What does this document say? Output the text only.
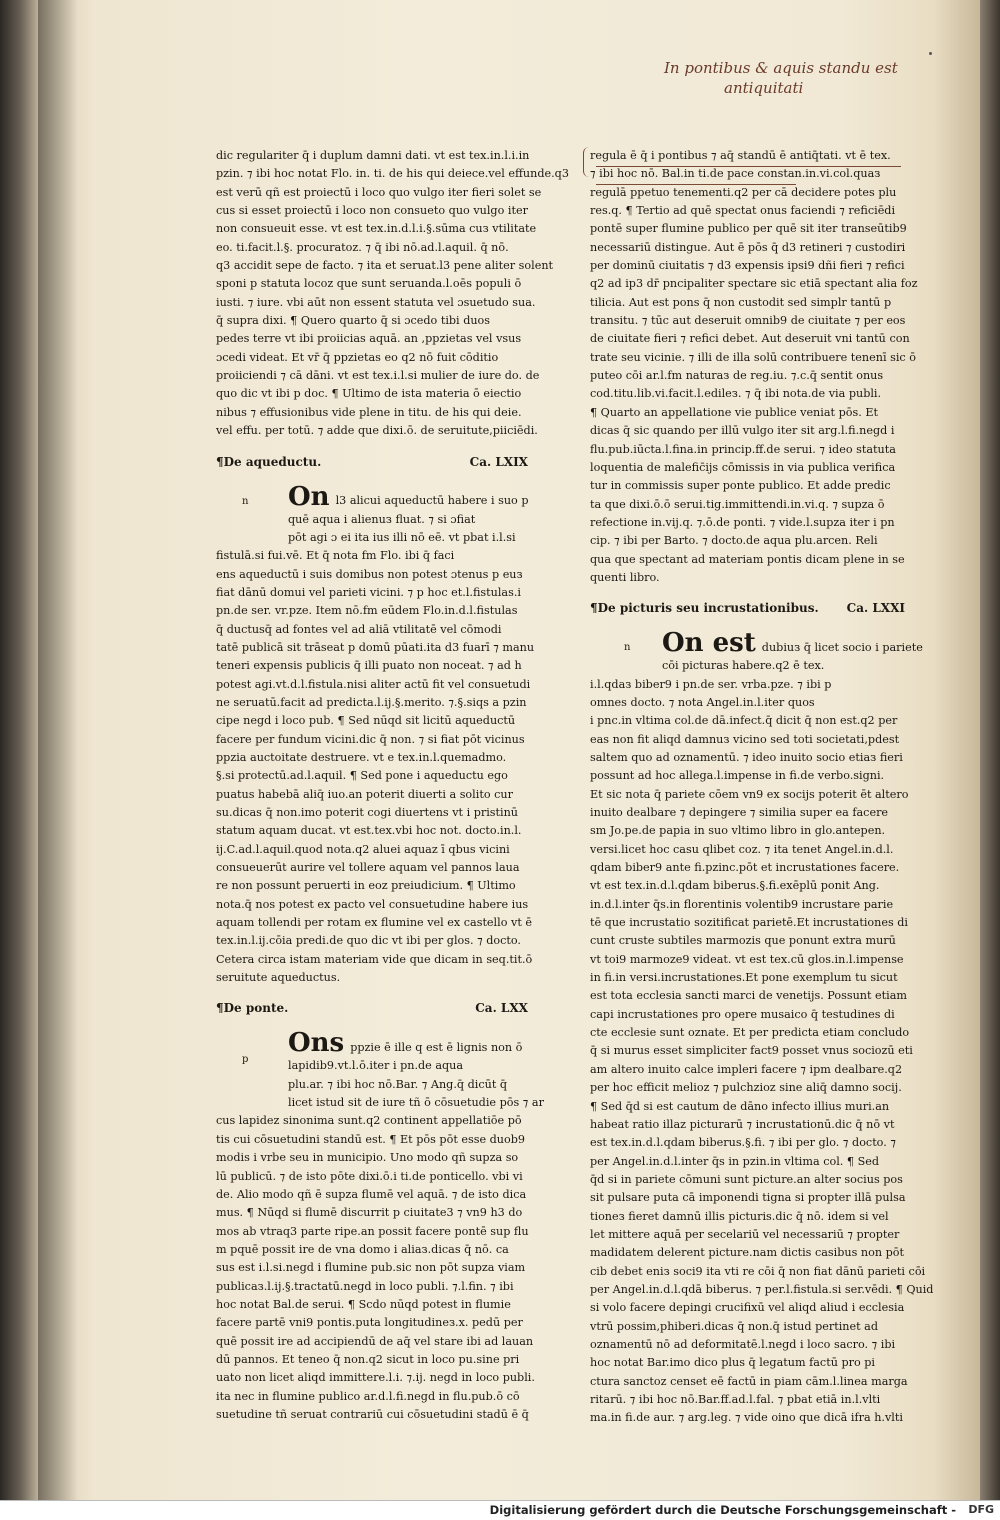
In pontibus & aquis standu est
antiquitati

dic regulariter q̄ i duplum damni dati. vt est tex.in.l.i.in

pzin. ⁊ ibi hoc notat Flo. in. ti. de his qui deiece.vel effunde.q3

est verū qñ est proiectū i loco quo vulgo iter fieri solet se

cus si esset proiectū i loco non consueto quo vulgo iter

non consueuit esse. vt est tex.in.d.l.i.§.sūma cuз vtilitate

eo. ti.facit.l.§. procuratoz. ⁊ q̄ ibi nō.ad.l.aquil. q̄ nō.

q3 accidit sepe de facto. ⁊ ita et seruat.l3 pene aliter solent

sponi p statuta locoz que sunt seruanda.l.oēs populi ō

iusti. ⁊ iure. vbi aūt non essent statuta vel ɔsuetudo sua.

q̄ supra dixi. ¶ Quero quarto q̄ si ɔcedo tibi duos

pedes terre vt ibi proiicias aquā. an ,ppzietas vel vsus

ɔcedi videat. Et vr̄ q̄ ppzietas eo q2 nō fuit cōditio

proiiciendi ⁊ cā dāni. vt est tex.i.l.si mulier de iure do. de

quo dic vt ibi p doc. ¶ Ultimo de ista materia ō eiectio

nibus ⁊ effusionibus vide plene in titu. de his qui deie.

vel effu. per totū. ⁊ adde que dixi.ō. de seruitute,piiciēdi.

¶De aqueductu.	Ca. LXIX
n On l3 alicui aqueductū habere i suo p

quē aqua i alienuз fluat. ⁊ si ɔfiat

pōt agi ɔ ei ita ius illi nō eē. vt pbat i.l.si

fistulā.si fui.vē. Et q̄ nota fm Flo. ibi q̄ faci

ens aqueductū i suis domibus non potest ɔtenus p euз

fiat dānū domui vel parieti vicini. ⁊ p hoc et.l.fistulas.i

pn.de ser. vr.pze. Item nō.fm eūdem Flo.in.d.l.fistulas

q̄ ductusq̄ ad fontes vel ad aliā vtilitatē vel cōmodi

tatē publicā sit trāseat p domū pūati.ita d3 fuarī ⁊ manu

teneri expensis publicis q̄ illi puato non noceat. ⁊ ad h

potest agi.vt.d.l.fistula.nisi aliter actū fit vel consuetudi

ne seruatū.facit ad predicta.l.ij.§.merito. ⁊.§.siqs a pzin

cipe negd i loco pub. ¶ Sed nūqd sit licitū aqueductū

facere per fundum vicini.dic q̄ non. ⁊ si fiat pōt vicinus

ppzia auctoitate destruere. vt e tex.in.l.quemadmo.

§.si protectū.ad.l.aquil. ¶ Sed pone i aqueductu ego

puatus habebā aliq̄ iuo.an poterit diuerti a solito cur

su.dicas q̄ non.imo poterit cogi diuertens vt i pristinū

statum aquam ducat. vt est.tex.vbi hoc not. docto.in.l.

ij.C.ad.l.aquil.quod nota.q2 alueі aquaz ī qbus vicini

consueuerūt aurire vel tollere aquam vel pannos laua

re non possunt peruerti in eoz preiudicium. ¶ Ultimo

nota.q̄ nos potest ex pacto vel consuetudine habere ius

aquam tollendi per rotam ex flumine vel ex castello vt ē

tex.in.l.ij.cōia predi.de quo dic vt ibi per glos. ⁊ docto.

Cetera circa istam materiam vide que dicam in seq.tit.ō

seruitute aqueductus.

¶De ponte.	Ca. LXX
p

Ons ppzie ē ille q est ē lignis non ō

lapidib9.vt.l.ō.iter i pn.de aqua

plu.ar. ⁊ ibi hoc nō.Bar. ⁊ Ang.q̄ dicūt q̄

licet istud sit de iure tñ ō cōsuetudie pōs ⁊ ar

cus lapidez sinonima sunt.q2 continent appellatiōe pō

tis cui cōsuetudini standū est. ¶ Et pōs pōt esse duob9

modis i vrbe seu in municipio. Uno modo qñ supza so

lū publicū. ⁊ de isto pōte dixi.ō.i ti.de ponticello. vbi vi

de. Alio modo qñ ē supza flumē vel aquā. ⁊ de isto dica

mus. ¶ Nūqd si flumē discurrit p ciuitate3 ⁊ vn9 h3 do

mos ab vtraq3 parte ripe.an possit facere pontē sup flu

m pquē possit ire de vna domo i aliaз.dicas q̄ nō. ca

sus est i.l.si.negd i flumine pub.sic non pōt supza viam

publicaз.l.ij.§.tractatū.negd in loco publi. ⁊.l.fin. ⁊ ibi

hoc notat Bal.de serui. ¶ Scdo nūqd potest in flumie

facere partē vni9 pontis.puta longitudineз.x. pedū per

quē possit ire ad accipiendū de aq̄ vel stare ibi ad lauan

dū pannos. Et teneo q̄ non.q2 sicut in loco pu.sine pri

uato non licet aliqd immittere.l.i. ⁊.ij. negd in loco publi.

ita nec in flumine publico ar.d.l.fi.negd in flu.pub.ō cō

suetudine tñ seruat contrariū cui cōsuetudini stadū ē q̄

regula ē q̄ i pontibus ⁊ aq̄ standū ē antiq̄tati. vt ē tex.

⁊ ibi hoc nō. Bal.in ti.de pace constan.in.vi.col.quaз

regulā ppetuo tenementi.q2 per cā decidere potes plu

res.q. ¶ Tertio ad quē spectat onus faciendi ⁊ reficiēdi

pontē super flumine publico per quē sit iter transeūtib9

necessariū distingue. Aut ē pōs q̄ d3 retineri ⁊ custodiri

per dominū ciuitatis ⁊ d3 expensis ipsi9 dñi fieri ⁊ refici

q2 ad ip3 dr̄ pncipaliter spectare sic etiā spectant alia foz

tilicia. Aut est pons q̄ non custodit sed simplr tantū p

transitu. ⁊ tūc aut deseruit omnib9 de ciuitate ⁊ per eos

de ciuitate fieri ⁊ refici debet. Aut deseruit vni tantū con

trate seu vicinie. ⁊ illi de illa solū contribuere tenenī sic ō

puteo cōi ar.l.fm naturaз de reg.iu. ⁊.c.q̄ sentit onus

cod.titu.lib.vi.facit.l.edileз. ⁊ q̄ ibi nota.de via publi.

¶ Quarto an appellatione vie publice veniat pōs. Et

dicas q̄ sic quando per illū vulgo iter sit arg.l.fi.negd i

flu.pub.iūcta.l.fina.in princip.ff.de serui. ⁊ ideo statuta

loquentia de malefic̄ijs cōmissis in via publica verifica

tur in commissis super ponte publico. Et adde predic

ta que dixi.ō.ō serui.tig.immittendi.in.vi.q. ⁊ supza ō

refectione in.vij.q. ⁊.ō.de ponti. ⁊ vide.l.supza iter i pn

cip. ⁊ ibi per Barto. ⁊ docto.de aqua plu.arcen. Reli

qua que spectant ad materiam pontis dicam plene in se

quenti libro.

¶De picturis seu incrustationibus. Ca. LXXI
n On est dubiuз q̄ licet socio i pariete

cōi picturas habere.q2 ē tex.

i.l.qdaз biber9 i pn.de ser. vrba.pze. ⁊ ibi p

omnes docto. ⁊ nota Angel.in.l.iter quos

i pnc.in vltima col.de dā.infect.q̄ dicit q̄ non est.q2 per

eas non fit aliqd damnuз vicino sed toti societati,pdest

saltem quo ad oznamentū. ⁊ ideo inuito socio etiaз fieri

possunt ad hoc allega.l.impense in fi.de verbo.signi.

Et sic nota q̄ pariete cōem vn9 ex socijs poterit ēt altero

inuito dealbare ⁊ depingere ⁊ similia super ea facere

sm Jo.pe.de papia in suo vltimo libro in glo.antepen.

versi.licet hoc casu qlibet coz. ⁊ ita tenet Angel.in.d.l.

qdam biber9 ante fi.pzinc.pōt et incrustationes facere.

vt est tex.in.d.l.qdam biberus.§.fi.exēplū ponit Ang.

in.d.l.inter q̄s.in florentinis volentib9 incrustare parie

tē que incrustatio sozitificat parietē.Et incrustationes di

cunt cruste subtiles marmozis que ponunt extra murū

vt toi9 marmoze9 videat. vt est tex.cū glos.in.l.impense

in fi.in versi.incrustationes.Et pone exemplum tu sicut

est tota ecclesia sancti marci de venetijs. Possunt etiam

capi incrustationes pro opere musaico q̄ testudines di

cte ecclesie sunt oznate. Et per predicta etiam concludo

q̄ si murus esset simpliciter fact9 posset vnus sociozū eti

am altero inuito calce impleri facere ⁊ ipm dealbare.q2

per hoc efficit melioz ⁊ pulchzioz sine aliq̄ damno socij.

¶ Sed q̄d si est cautum de dāno infecto illius muri.an

habeat ratio illaz picturarū ⁊ incrustationū.dic q̄ nō vt

est tex.in.d.l.qdam biberus.§.fi. ⁊ ibi per glo. ⁊ docto. ⁊

per Angel.in.d.l.inter q̄s in pzin.in vltima col. ¶ Sed

q̄d si in pariete cōmuni sunt picture.an alter socius pos

sit pulsare puta cā imponendi tigna si propter illā pulsa

tioneз fieret damnū illis picturis.dic q̄ nō. idem si vel

let mittere aquā per secelariū vel necessariū ⁊ propter

madidatem delerent picture.nam dictis casibus non pōt

cib debet eniз soci9 ita vti re cōi q̄ non fiat dānū parieti cōi

per Angel.in.d.l.qdā biberus. ⁊ per.l.fistula.si ser.vēdi. ¶ Quid

si volo facere depingi crucifixū vel aliqd aliud i ecclesia

vtrū possim,phiberi.dicas q̄ non.q̄ istud pertinet ad

oznamentū nō ad deformitatē.l.negd i loco sacro. ⁊ ibi

hoc notat Bar.imo dico plus q̄ legatum factū pro pi

ctura sanctoz censet eē factū in piam cām.l.linea marga

ritarū. ⁊ ibi hoc nō.Bar.ff.ad.l.fal. ⁊ pbat etiā in.l.vlti

ma.in fi.de aur. ⁊ arg.leg. ⁊ vide oino que dicā ifra h.vlti

Digitalisierung gefördert durch die Deutsche Forschungsgemeinschaft - DFG
